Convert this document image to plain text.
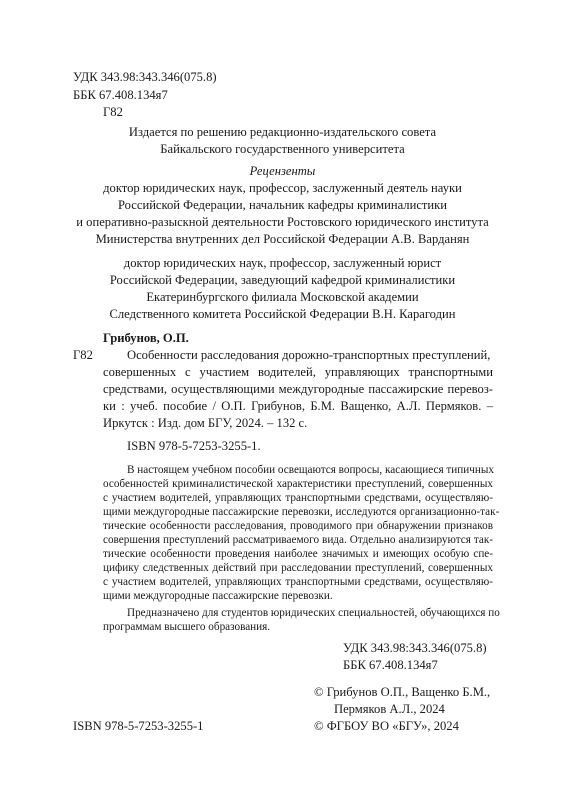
УДК 343.98:343.346(075.8)
ББК 67.408.134я7
Г82
Издается по решению редакционно-издательского совета
Байкальского государственного университета
Рецензенты
доктор юридических наук, профессор, заслуженный деятель науки
Российской Федерации, начальник кафедры криминалистики
и оперативно-разыскной деятельности Ростовского юридического института
Министерства внутренних дел Российской Федерации А.В. Варданян
доктор юридических наук, профессор, заслуженный юрист
Российской Федерации, заведующий кафедрой криминалистики
Екатеринбургского филиала Московской академии
Следственного комитета Российской Федерации В.Н. Карагодин
Грибунов, О.П.
Г82	Особенности расследования дорожно-транспортных преступлений,
совершенных с участием водителей, управляющих транспортными
средствами, осуществляющими междугородные пассажирские перевоз-
ки : учеб. пособие / О.П. Грибунов, Б.М. Ващенко, А.Л. Пермяков. –
Иркутск : Изд. дом БГУ, 2024. – 132 с.
ISBN 978-5-7253-3255-1.
В настоящем учебном пособии освещаются вопросы, касающиеся типичных
особенностей криминалистической характеристики преступлений, совершенных
с участием водителей, управляющих транспортными средствами, осуществляю-
щими междугородные пассажирские перевозки, исследуются организационно-так-
тические особенности расследования, проводимого при обнаружении признаков
совершения преступлений рассматриваемого вида. Отдельно анализируются так-
тические особенности проведения наиболее значимых и имеющих особую спе-
цифику следственных действий при расследовании преступлений, совершенных
с участием водителей, управляющих транспортными средствами, осуществляю-
щими междугородные пассажирские перевозки.
Предназначено для студентов юридических специальностей, обучающихся по
программам высшего образования.
УДК 343.98:343.346(075.8)
ББК 67.408.134я7
© Грибунов О.П., Ващенко Б.М.,
Пермяков А.Л., 2024
ISBN 978-5-7253-3255-1	© ФГБОУ ВО «БГУ», 2024
